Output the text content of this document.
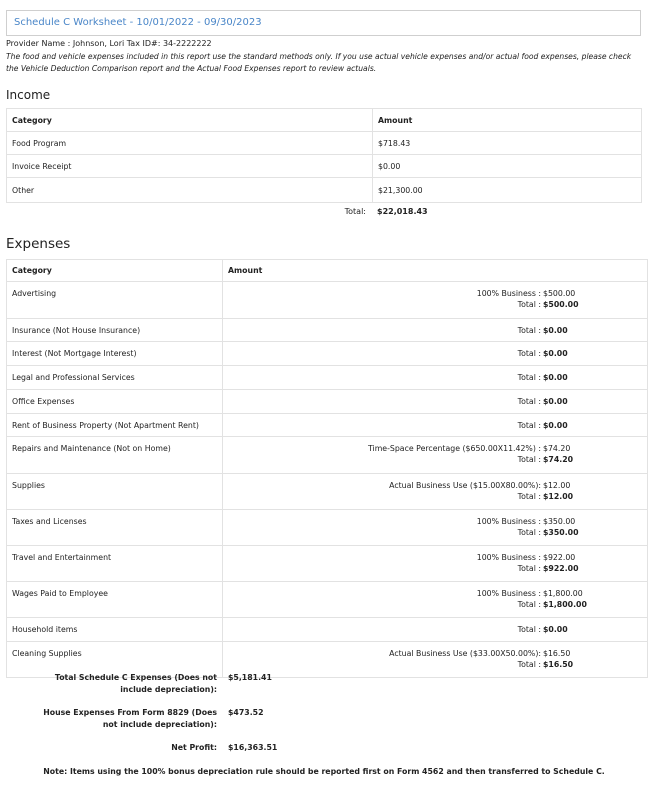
Schedule C Worksheet - 10/01/2022 - 09/30/2023
Provider Name : Johnson, Lori Tax ID#: 34-2222222
The food and vehicle expenses included in this report use the standard methods only. If you use actual vehicle expenses and/or actual food expenses, please check the Vehicle Deduction Comparison report and the Actual Food Expenses report to review actuals.
Income
Category	Amount
Food Program	$718.43
Invoice Receipt	$0.00
Other	$21,300.00
Total: $22,018.43
Expenses
Category	Amount
Advertising	100% Business : $500.00
Total : $500.00

Insurance (Not House Insurance)	Total : $0.00

Interest (Not Mortgage Interest)	Total : $0.00

Legal and Professional Services	Total : $0.00

Office Expenses	Total : $0.00

Rent of Business Property (Not Apartment Rent)	Total : $0.00

Repairs and Maintenance (Not on Home)	Time-Space Percentage ($650.00X11.42%) : $74.20
Total : $74.20

Supplies	Actual Business Use ($15.00X80.00%): $12.00
Total : $12.00

Taxes and Licenses	100% Business : $350.00
Total : $350.00

Travel and Entertainment	100% Business : $922.00
Total : $922.00

Wages Paid to Employee	100% Business : $1,800.00
Total : $1,800.00

Household items	Total : $0.00

Cleaning Supplies	Actual Business Use ($33.00X50.00%): $16.50
Total : $16.50
Total Schedule C Expenses (Does not include depreciation):
$5,181.41
House Expenses From Form 8829 (Does not include depreciation):
$473.52
Net Profit: $16,363.51
Note: Items using the 100% bonus depreciation rule should be reported first on Form 4562 and then transferred to Schedule C.
